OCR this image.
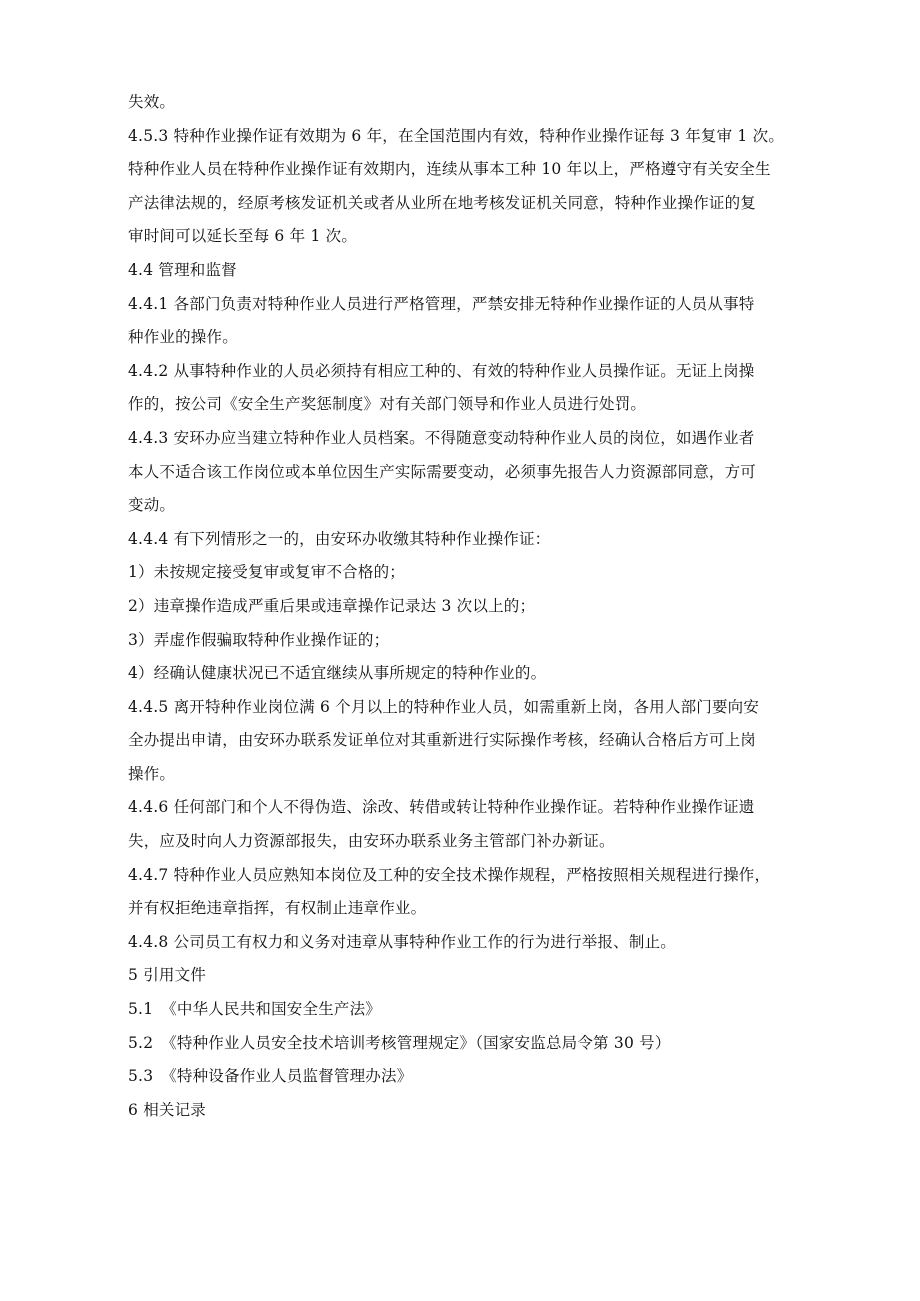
失效。
4.5.3 特种作业操作证有效期为 6 年，在全国范围内有效，特种作业操作证每 3 年复审 1 次。
特种作业人员在特种作业操作证有效期内，连续从事本工种 10 年以上，严格遵守有关安全生
产法律法规的，经原考核发证机关或者从业所在地考核发证机关同意，特种作业操作证的复
审时间可以延长至每 6 年 1 次。
4.4 管理和监督
4.4.1 各部门负责对特种作业人员进行严格管理，严禁安排无特种作业操作证的人员从事特
种作业的操作。
4.4.2 从事特种作业的人员必须持有相应工种的、有效的特种作业人员操作证。无证上岗操
作的，按公司《安全生产奖惩制度》对有关部门领导和作业人员进行处罚。
4.4.3 安环办应当建立特种作业人员档案。不得随意变动特种作业人员的岗位，如遇作业者
本人不适合该工作岗位或本单位因生产实际需要变动，必须事先报告人力资源部同意，方可
变动。
4.4.4 有下列情形之一的，由安环办收缴其特种作业操作证：
1）未按规定接受复审或复审不合格的；
2）违章操作造成严重后果或违章操作记录达 3 次以上的；
3）弄虚作假骗取特种作业操作证的；
4）经确认健康状况已不适宜继续从事所规定的特种作业的。
4.4.5 离开特种作业岗位满 6 个月以上的特种作业人员，如需重新上岗，各用人部门要向安
全办提出申请，由安环办联系发证单位对其重新进行实际操作考核，经确认合格后方可上岗
操作。
4.4.6 任何部门和个人不得伪造、涂改、转借或转让特种作业操作证。若特种作业操作证遗
失，应及时向人力资源部报失，由安环办联系业务主管部门补办新证。
4.4.7 特种作业人员应熟知本岗位及工种的安全技术操作规程，严格按照相关规程进行操作，
并有权拒绝违章指挥，有权制止违章作业。
4.4.8 公司员工有权力和义务对违章从事特种作业工作的行为进行举报、制止。
5 引用文件
5.1　《中华人民共和国安全生产法》
5.2　《特种作业人员安全技术培训考核管理规定》（国家安监总局令第 30 号）
5.3　《特种设备作业人员监督管理办法》
6 相关记录
